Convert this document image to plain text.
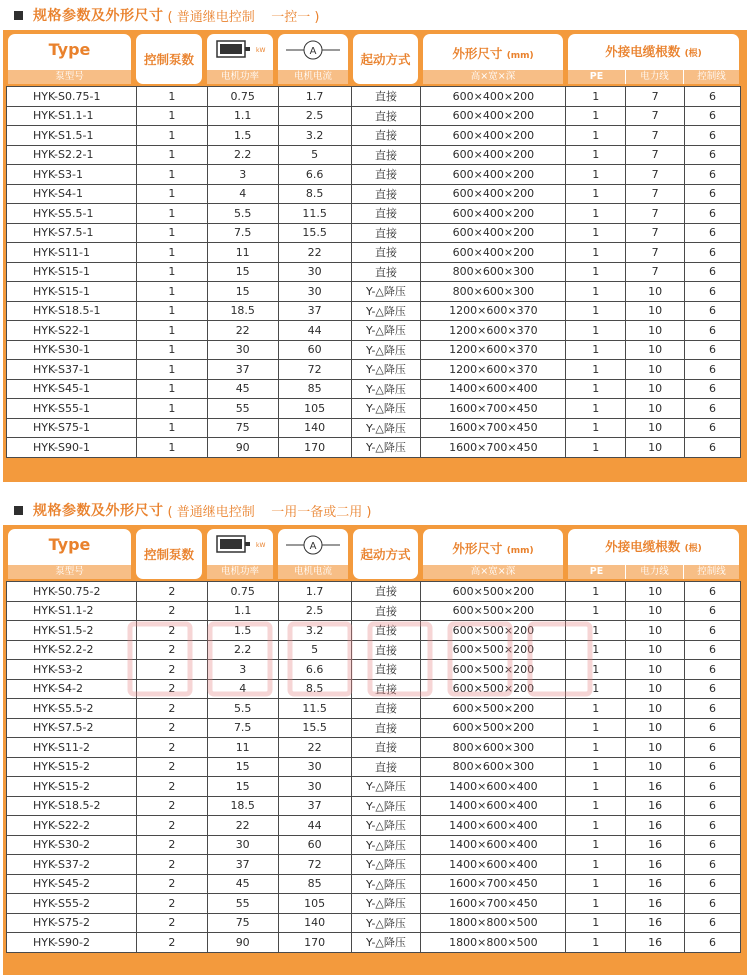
规格参数及外形尺寸 ( 普通继电控制    一控一 )
Type
泵型号
控制泵数
kW
电机功率
A
电机电流
起动方式	外形尺寸 (mm)
高×宽×深
外接电缆根数 (根)
PE	电力线	控制线
HYK-S0.75-1	1	0.75	1.7	直接	600×400×200	1	7	6
HYK-S1.1-1	1	1.1	2.5	直接	600×400×200	1	7	6
HYK-S1.5-1	1	1.5	3.2	直接	600×400×200	1	7	6
HYK-S2.2-1	1	2.2	5	直接	600×400×200	1	7	6
HYK-S3-1	1	3	6.6	直接	600×400×200	1	7	6
HYK-S4-1	1	4	8.5	直接	600×400×200	1	7	6
HYK-S5.5-1	1	5.5	11.5	直接	600×400×200	1	7	6
HYK-S7.5-1	1	7.5	15.5	直接	600×400×200	1	7	6
HYK-S11-1	1	11	22	直接	600×400×200	1	7	6
HYK-S15-1	1	15	30	直接	800×600×300	1	7	6
HYK-S15-1	1	15	30	Y-△降压	800×600×300	1	10	6
HYK-S18.5-1	1	18.5	37	Y-△降压	1200×600×370	1	10	6
HYK-S22-1	1	22	44	Y-△降压	1200×600×370	1	10	6
HYK-S30-1	1	30	60	Y-△降压	1200×600×370	1	10	6
HYK-S37-1	1	37	72	Y-△降压	1200×600×370	1	10	6
HYK-S45-1	1	45	85	Y-△降压	1400×600×400	1	10	6
HYK-S55-1	1	55	105	Y-△降压	1600×700×450	1	10	6
HYK-S75-1	1	75	140	Y-△降压	1600×700×450	1	10	6
HYK-S90-1	1	90	170	Y-△降压	1600×700×450	1	10	6
规格参数及外形尺寸 ( 普通继电控制    一用一备或二用 )
Type
泵型号
控制泵数
kW
电机功率
A
电机电流
起动方式	外形尺寸 (mm)
高×宽×深
外接电缆根数 (根)
PE	电力线	控制线
HYK-S0.75-2	2	0.75	1.7	直接	600×500×200	1	10	6
HYK-S1.1-2	2	1.1	2.5	直接	600×500×200	1	10	6
HYK-S1.5-2	2	1.5	3.2	直接	600×500×200	1	10	6
HYK-S2.2-2	2	2.2	5	直接	600×500×200	1	10	6
HYK-S3-2	2	3	6.6	直接	600×500×200	1	10	6
HYK-S4-2	2	4	8.5	直接	600×500×200	1	10	6
HYK-S5.5-2	2	5.5	11.5	直接	600×500×200	1	10	6
HYK-S7.5-2	2	7.5	15.5	直接	600×500×200	1	10	6
HYK-S11-2	2	11	22	直接	800×600×300	1	10	6
HYK-S15-2	2	15	30	直接	800×600×300	1	10	6
HYK-S15-2	2	15	30	Y-△降压	1400×600×400	1	16	6
HYK-S18.5-2	2	18.5	37	Y-△降压	1400×600×400	1	16	6
HYK-S22-2	2	22	44	Y-△降压	1400×600×400	1	16	6
HYK-S30-2	2	30	60	Y-△降压	1400×600×400	1	16	6
HYK-S37-2	2	37	72	Y-△降压	1400×600×400	1	16	6
HYK-S45-2	2	45	85	Y-△降压	1600×700×450	1	16	6
HYK-S55-2	2	55	105	Y-△降压	1600×700×450	1	16	6
HYK-S75-2	2	75	140	Y-△降压	1800×800×500	1	16	6
HYK-S90-2	2	90	170	Y-△降压	1800×800×500	1	16	6
